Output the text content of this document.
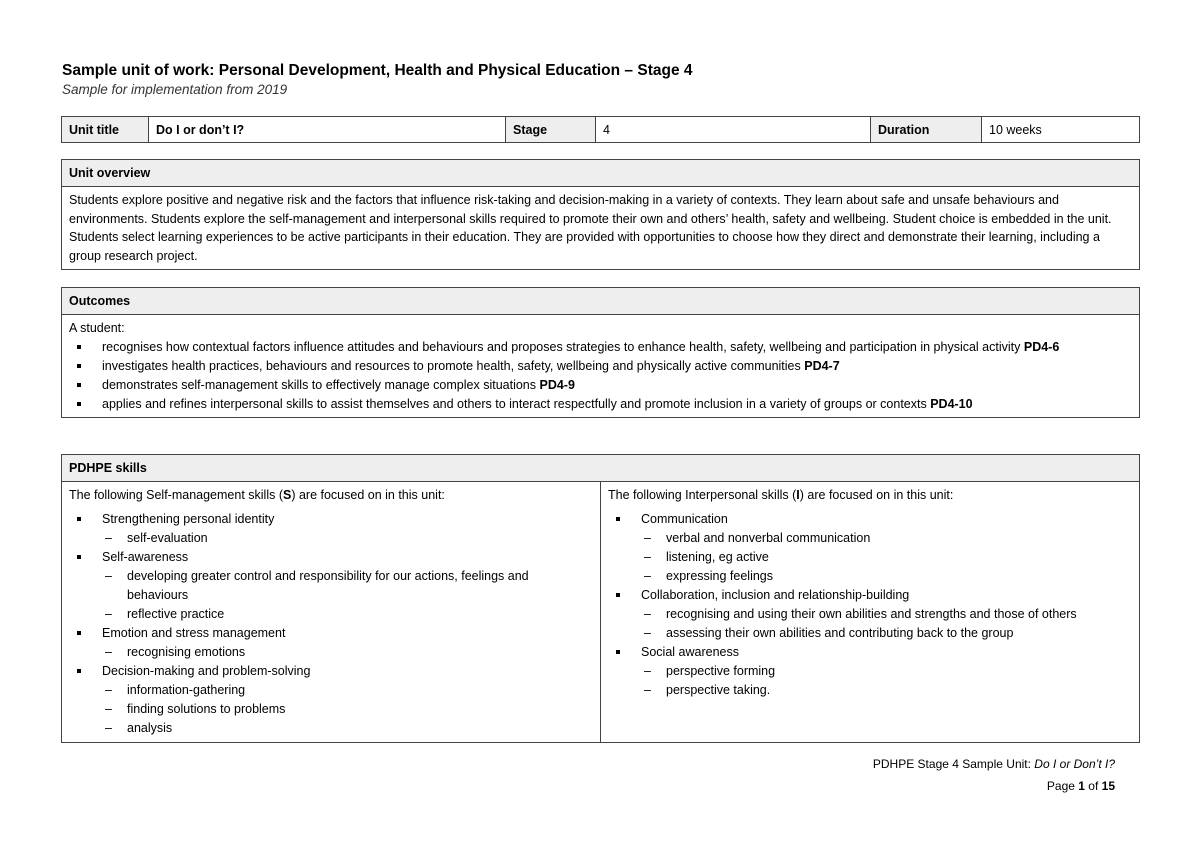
Sample unit of work: Personal Development, Health and Physical Education – Stage 4
Sample for implementation from 2019
Unit title	Do I or don’t I?	Stage	4	Duration	10 weeks
Unit overview
Students explore positive and negative risk and the factors that influence risk-taking and decision-making in a variety of contexts. They learn about safe and unsafe behaviours and environments. Students explore the self-management and interpersonal skills required to promote their own and others’ health, safety and wellbeing. Student choice is embedded in the unit. Students select learning experiences to be active participants in their education. They are provided with opportunities to choose how they direct and demonstrate their learning, including a group research project.
Outcomes

A student:
recognises how contextual factors influence attitudes and behaviours and proposes strategies to enhance health, safety, wellbeing and participation in physical activity PD4-6
investigates health practices, behaviours and resources to promote health, safety, wellbeing and physically active communities PD4-7
demonstrates self-management skills to effectively manage complex situations PD4-9
applies and refines interpersonal skills to assist themselves and others to interact respectfully and promote inclusion in a variety of groups or contexts PD4-10
PDHPE skills

The following Self-management skills (S) are focused on in this unit:
Strengthening personal identity
– self-evaluation
Self-awareness
– developing greater control and responsibility for our actions, feelings and behaviours
– reflective practice
Emotion and stress management
– recognising emotions
Decision-making and problem-solving
– information-gathering
– finding solutions to problems
– analysis

The following Interpersonal skills (I) are focused on in this unit:
Communication
– verbal and nonverbal communication
– listening, eg active
– expressing feelings
Collaboration, inclusion and relationship-building
– recognising and using their own abilities and strengths and those of others
– assessing their own abilities and contributing back to the group
Social awareness
– perspective forming
– perspective taking.
PDHPE Stage 4 Sample Unit: Do I or Don’t I?
Page 1 of 15
